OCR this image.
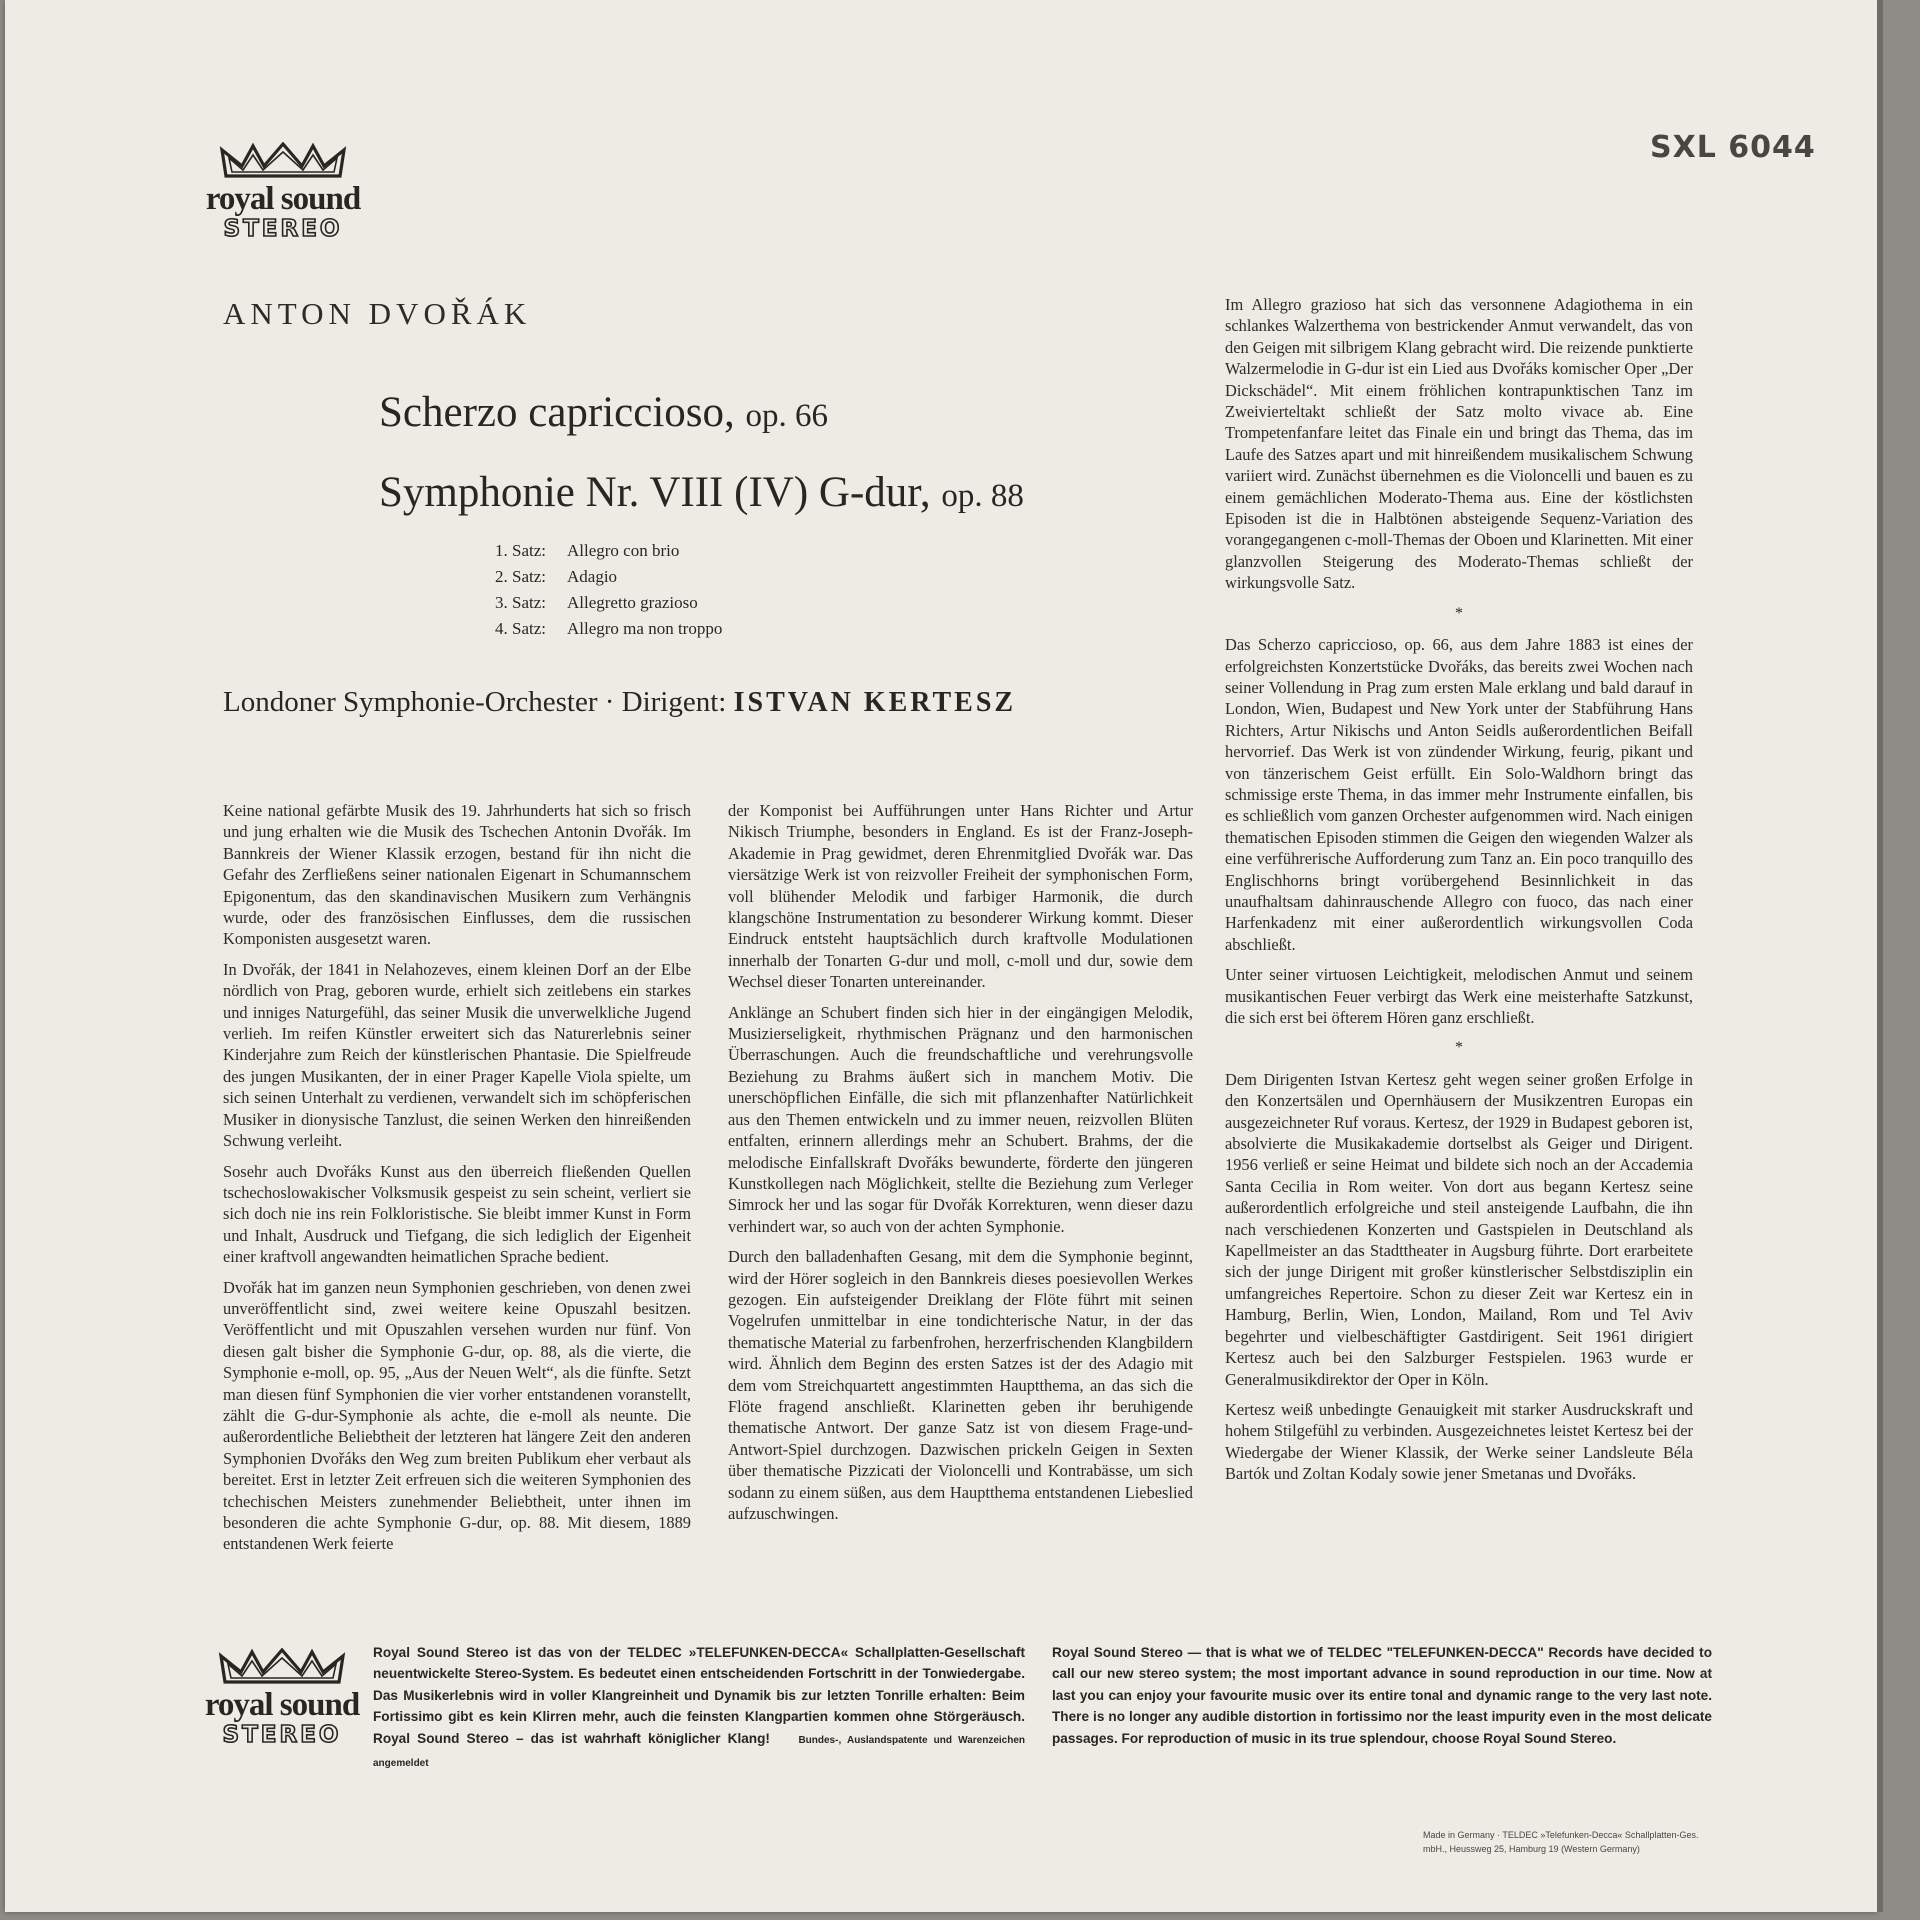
royal sound
STEREO
SXL 6044
ANTON DVOŘÁK
Scherzo capriccioso, op. 66
Symphonie Nr. VIII (IV) G-dur, op. 88
1. Satz: Allegro con brio
2. Satz: Adagio
3. Satz: Allegretto grazioso
4. Satz: Allegro ma non troppo
Londoner Symphonie-Orchester · Dirigent: ISTVAN KERTESZ

Keine national gefärbte Musik des 19. Jahrhunderts hat sich so frisch und jung erhalten wie die Musik des Tschechen Antonin Dvořák. Im Bannkreis der Wiener Klassik erzogen, bestand für ihn nicht die Gefahr des Zerfließens seiner nationalen Eigenart in Schumannschem Epigonentum, das den skandinavischen Musikern zum Verhängnis wurde, oder des französischen Einflusses, dem die russischen Komponisten ausgesetzt waren.

In Dvořák, der 1841 in Nelahozeves, einem kleinen Dorf an der Elbe nördlich von Prag, geboren wurde, erhielt sich zeitlebens ein starkes und inniges Naturgefühl, das seiner Musik die unverwelkliche Jugend verlieh. Im reifen Künstler erweitert sich das Naturerlebnis seiner Kinderjahre zum Reich der künstlerischen Phantasie. Die Spielfreude des jungen Musikanten, der in einer Prager Kapelle Viola spielte, um sich seinen Unterhalt zu verdienen, verwandelt sich im schöpferischen Musiker in dionysische Tanzlust, die seinen Werken den hinreißenden Schwung verleiht.

Sosehr auch Dvořáks Kunst aus den überreich fließenden Quellen tschechoslowakischer Volksmusik gespeist zu sein scheint, verliert sie sich doch nie ins rein Folkloristische. Sie bleibt immer Kunst in Form und Inhalt, Ausdruck und Tiefgang, die sich lediglich der Eigenheit einer kraftvoll angewandten heimatlichen Sprache bedient.

Dvořák hat im ganzen neun Symphonien geschrieben, von denen zwei unveröffentlicht sind, zwei weitere keine Opuszahl besitzen. Veröffentlicht und mit Opuszahlen versehen wurden nur fünf. Von diesen galt bisher die Symphonie G-dur, op. 88, als die vierte, die Symphonie e-moll, op. 95, „Aus der Neuen Welt“, als die fünfte. Setzt man diesen fünf Symphonien die vier vorher entstandenen voranstellt, zählt die G-dur-Symphonie als achte, die e-moll als neunte. Die außerordentliche Beliebtheit der letzteren hat längere Zeit den anderen Symphonien Dvořáks den Weg zum breiten Publikum eher verbaut als bereitet. Erst in letzter Zeit erfreuen sich die weiteren Symphonien des tchechischen Meisters zunehmender Beliebtheit, unter ihnen im besonderen die achte Symphonie G-dur, op. 88. Mit diesem, 1889 entstandenen Werk feierte

der Komponist bei Aufführungen unter Hans Richter und Artur Nikisch Triumphe, besonders in England. Es ist der Franz-Joseph-Akademie in Prag gewidmet, deren Ehrenmitglied Dvořák war. Das viersätzige Werk ist von reizvoller Freiheit der symphonischen Form, voll blühender Melodik und farbiger Harmonik, die durch klangschöne Instrumentation zu besonderer Wirkung kommt. Dieser Eindruck entsteht hauptsächlich durch kraftvolle Modulationen innerhalb der Tonarten G-dur und moll, c-moll und dur, sowie dem Wechsel dieser Tonarten untereinander.

Anklänge an Schubert finden sich hier in der eingängigen Melodik, Musizierseligkeit, rhythmischen Prägnanz und den harmonischen Überraschungen. Auch die freundschaftliche und verehrungsvolle Beziehung zu Brahms äußert sich in manchem Motiv. Die unerschöpflichen Einfälle, die sich mit pflanzenhafter Natürlichkeit aus den Themen entwickeln und zu immer neuen, reizvollen Blüten entfalten, erinnern allerdings mehr an Schubert. Brahms, der die melodische Einfallskraft Dvořáks bewunderte, förderte den jüngeren Kunstkollegen nach Möglichkeit, stellte die Beziehung zum Verleger Simrock her und las sogar für Dvořák Korrekturen, wenn dieser dazu verhindert war, so auch von der achten Symphonie.

Durch den balladenhaften Gesang, mit dem die Symphonie beginnt, wird der Hörer sogleich in den Bannkreis dieses poesievollen Werkes gezogen. Ein aufsteigender Dreiklang der Flöte führt mit seinen Vogelrufen unmittelbar in eine tondichterische Natur, in der das thematische Material zu farbenfrohen, herzerfrischenden Klangbildern wird. Ähnlich dem Beginn des ersten Satzes ist der des Adagio mit dem vom Streichquartett angestimmten Hauptthema, an das sich die Flöte fragend anschließt. Klarinetten geben ihr beruhigende thematische Antwort. Der ganze Satz ist von diesem Frage-und-Antwort-Spiel durchzogen. Dazwischen prickeln Geigen in Sexten über thematische Pizzicati der Violoncelli und Kontrabässe, um sich sodann zu einem süßen, aus dem Hauptthema entstandenen Liebeslied aufzuschwingen.

Im Allegro grazioso hat sich das versonnene Adagiothema in ein schlankes Walzerthema von bestrickender Anmut verwandelt, das von den Geigen mit silbrigem Klang gebracht wird. Die reizende punktierte Walzermelodie in G-dur ist ein Lied aus Dvořáks komischer Oper „Der Dickschädel“. Mit einem fröhlichen kontrapunktischen Tanz im Zweivierteltakt schließt der Satz molto vivace ab. Eine Trompetenfanfare leitet das Finale ein und bringt das Thema, das im Laufe des Satzes apart und mit hinreißendem musikalischem Schwung variiert wird. Zunächst übernehmen es die Violoncelli und bauen es zu einem gemächlichen Moderato-Thema aus. Eine der köstlichsten Episoden ist die in Halbtönen absteigende Sequenz-Variation des vorangegangenen c-moll-Themas der Oboen und Klarinetten. Mit einer glanzvollen Steigerung des Moderato-Themas schließt der wirkungsvolle Satz.

*

Das Scherzo capriccioso, op. 66, aus dem Jahre 1883 ist eines der erfolgreichsten Konzertstücke Dvořáks, das bereits zwei Wochen nach seiner Vollendung in Prag zum ersten Male erklang und bald darauf in London, Wien, Budapest und New York unter der Stabführung Hans Richters, Artur Nikischs und Anton Seidls außerordentlichen Beifall hervorrief. Das Werk ist von zündender Wirkung, feurig, pikant und von tänzerischem Geist erfüllt. Ein Solo-Waldhorn bringt das schmissige erste Thema, in das immer mehr Instrumente einfallen, bis es schließlich vom ganzen Orchester aufgenommen wird. Nach einigen thematischen Episoden stimmen die Geigen den wiegenden Walzer als eine verführerische Aufforderung zum Tanz an. Ein poco tranquillo des Englischhorns bringt vorübergehend Besinnlichkeit in das unaufhaltsam dahinrauschende Allegro con fuoco, das nach einer Harfenkadenz mit einer außerordentlich wirkungsvollen Coda abschließt.

Unter seiner virtuosen Leichtigkeit, melodischen Anmut und seinem musikantischen Feuer verbirgt das Werk eine meisterhafte Satzkunst, die sich erst bei öfterem Hören ganz erschließt.

*

Dem Dirigenten Istvan Kertesz geht wegen seiner großen Erfolge in den Konzertsälen und Opernhäusern der Musikzentren Europas ein ausgezeichneter Ruf voraus. Kertesz, der 1929 in Budapest geboren ist, absolvierte die Musikakademie dortselbst als Geiger und Dirigent. 1956 verließ er seine Heimat und bildete sich noch an der Accademia Santa Cecilia in Rom weiter. Von dort aus begann Kertesz seine außerordentlich erfolgreiche und steil ansteigende Laufbahn, die ihn nach verschiedenen Konzerten und Gastspielen in Deutschland als Kapellmeister an das Stadttheater in Augsburg führte. Dort erarbeitete sich der junge Dirigent mit großer künstlerischer Selbstdisziplin ein umfangreiches Repertoire. Schon zu dieser Zeit war Kertesz ein in Hamburg, Berlin, Wien, London, Mailand, Rom und Tel Aviv begehrter und vielbeschäftigter Gastdirigent. Seit 1961 dirigiert Kertesz auch bei den Salzburger Festspielen. 1963 wurde er Generalmusikdirektor der Oper in Köln.

Kertesz weiß unbedingte Genauigkeit mit starker Ausdruckskraft und hohem Stilgefühl zu verbinden. Ausgezeichnetes leistet Kertesz bei der Wiedergabe der Wiener Klassik, der Werke seiner Landsleute Béla Bartók und Zoltan Kodaly sowie jener Smetanas und Dvořáks.

royal sound
STEREO
Royal Sound Stereo ist das von der TELDEC »TELEFUNKEN-DECCA« Schallplatten-Gesellschaft neuentwickelte Stereo-System. Es bedeutet einen entscheidenden Fortschritt in der Tonwiedergabe. Das Musikerlebnis wird in voller Klangreinheit und Dynamik bis zur letzten Tonrille erhalten: Beim Fortissimo gibt es kein Klirren mehr, auch die feinsten Klangpartien kommen ohne Störgeräusch. Royal Sound Stereo – das ist wahrhaft königlicher Klang!	Bundes-, Auslandspatente und Warenzeichen angemeldet
Royal Sound Stereo — that is what we of TELDEC "TELEFUNKEN-DECCA" Records have decided to call our new stereo system; the most important advance in sound reproduction in our time. Now at last you can enjoy your favourite music over its entire tonal and dynamic range to the very last note. There is no longer any audible distortion in fortissimo nor the least impurity even in the most delicate passages. For reproduction of music in its true splendour, choose Royal Sound Stereo.
Made in Germany · TELDEC »Telefunken-Decca« Schallplatten-Ges. mbH., Heussweg 25, Hamburg 19 (Western Germany)
